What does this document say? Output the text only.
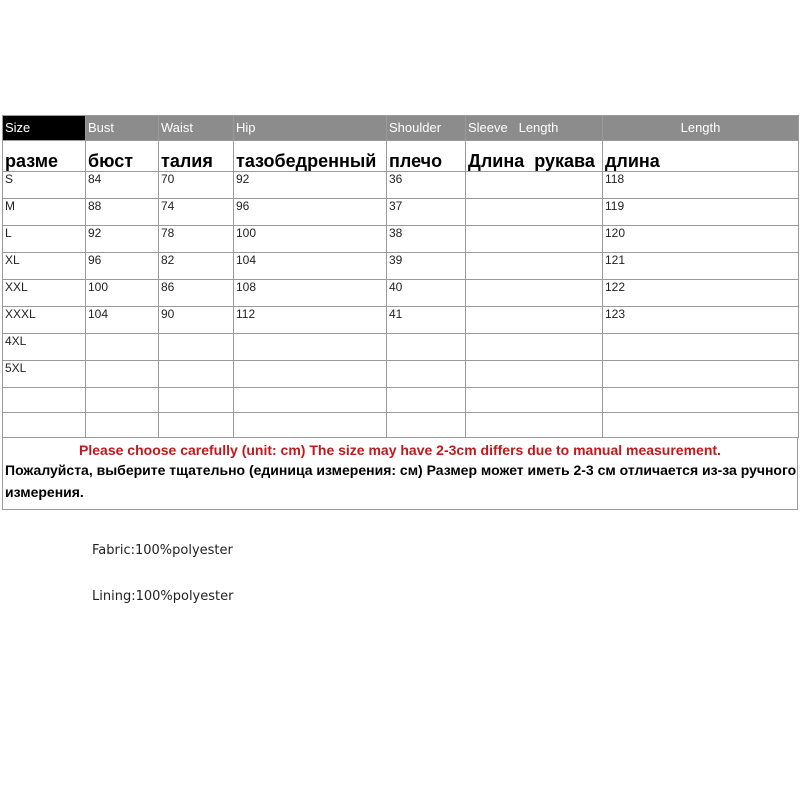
Size	Bust	Waist	Hip	Shoulder	Sleeve   Length	Length
разме	бюст	талия	тазобедренный	плечо	Длина  рукава	длина
S	84	70	92	36		118
M	88	74	96	37		119
L	92	78	100	38		120
XL	96	82	104	39		121
XXL	100	86	108	40		122
XXXL	104	90	112	41		123
4XL						
5XL						

Please choose carefully (unit: cm) The size may have 2-3cm differs due to manual measurement.
Пожалуйста, выберите тщательно (единица измерения: см) Размер может иметь 2-3 см отличается из-за ручного измерения.
Fabric:100%polyester
Lining:100%polyester
